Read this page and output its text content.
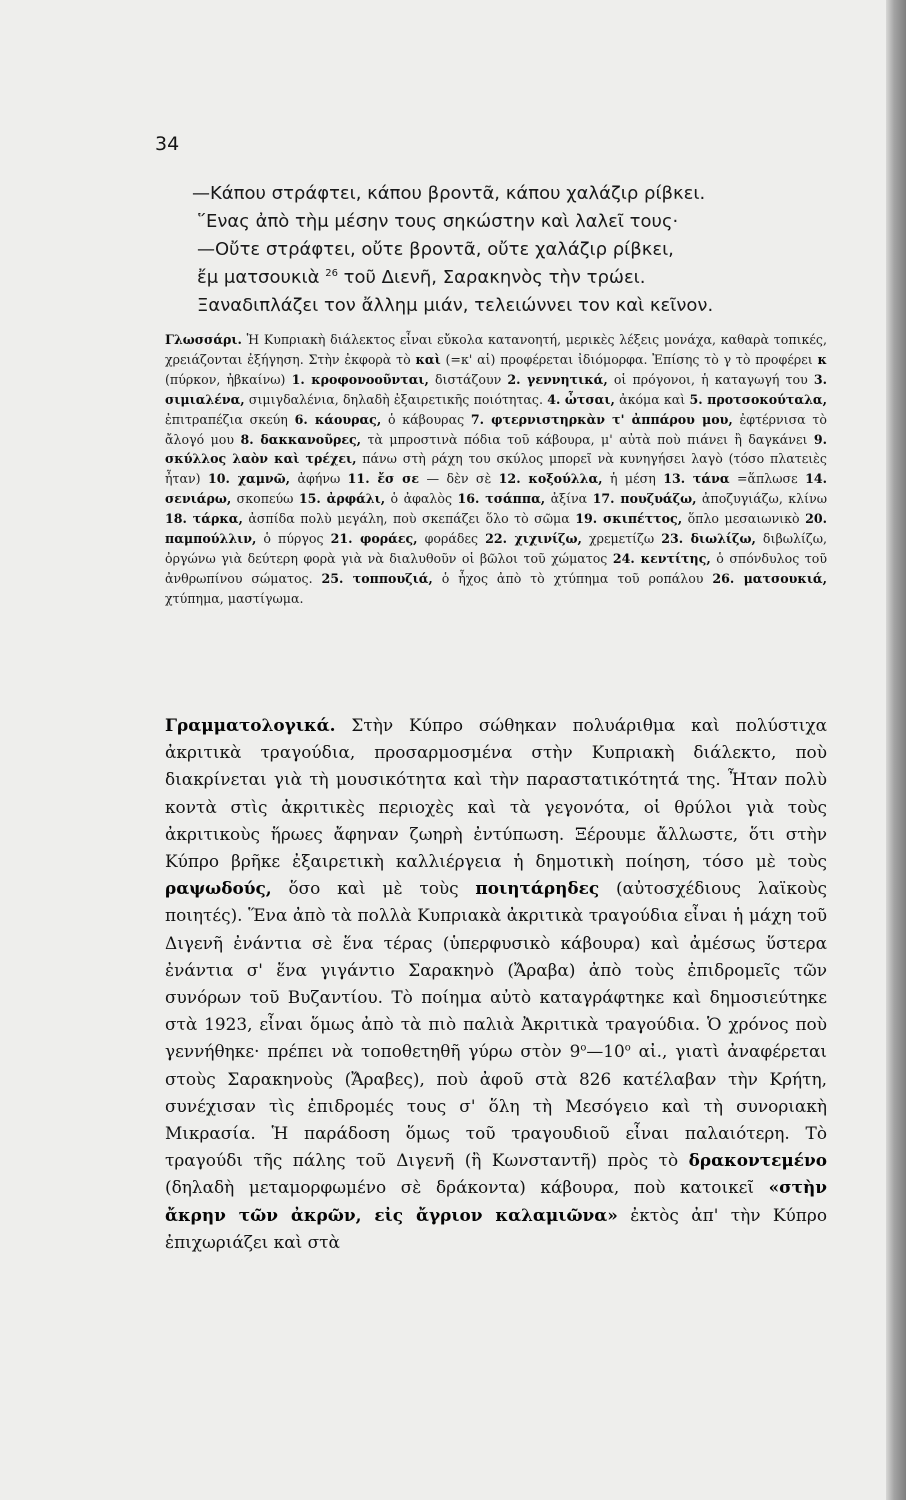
34
—Κάπου στράφτει, κάπου βροντᾶ, κάπου χαλάζιρ ρίβκει.
῞Ενας ἀπὸ τὴμ μέσην τους σηκώστην καὶ λαλεῖ τους·
—Οὔτε στράφτει, οὔτε βροντᾶ, οὔτε χαλάζιρ ρίβκει,
ἔμ ματσουκιὰ $^{26}$ τοῦ Διενῆ, Σαρακηνὸς τὴν τρώει.
Ξαναδιπλάζει τον ἄλλημ μιάν, τελειώννει τον καὶ κεῖνον.
Γλωσσάρι. Ἡ Κυπριακὴ διάλεκτος εἶναι εὔκολα κατανοητή, μερικὲς λέξεις μονάχα, καθαρὰ τοπικές, χρειάζονται ἐξήγηση. Στὴν ἐκφορὰ τὸ καὶ (=κ' αἱ) προφέρεται ἰδιόμορφα. Ἐπίσης τὸ γ τὸ προφέρει κ (πύρκον, ἠβκαίνω) 1. κροφονοοῦνται, διστάζουν 2. γεννητικά, οἱ πρόγονοι, ἡ καταγωγή του 3. σιμιαλένα, σιμιγδαλένια, δηλαδὴ ἐξαιρετικῆς ποιότητας. 4. ὦτσαι, ἀκόμα καὶ 5. προτσοκούταλα, ἐπιτραπέζια σκεύη 6. κάουρας, ὁ κάβουρας 7. φτερνιστηρκὰν τ' ἀππάρου μου, ἐφτέρνισα τὸ ἄλογό μου 8. δακκανοῦρες, τὰ μπροστινὰ πόδια τοῦ κάβουρα, μ' αὐτὰ ποὺ πιάνει ἢ δαγκάνει 9. σκύλλος λαὸν καὶ τρέχει, πάνω στὴ ράχη του σκύλος μπορεῖ νὰ κυνηγήσει λαγὸ (τόσο πλατειὲς ἦταν) 10. χαμνῶ, ἀφήνω 11. ἔσ σε — δὲν σὲ 12. κοξούλλα, ἡ μέση 13. τάνα =ἅπλωσε 14. σενιάρω, σκοπεύω 15. ἀρφάλι, ὁ ἀφαλὸς 16. τσάππα, ἀξίνα 17. πουζυάζω, ἀποζυγιάζω, κλίνω 18. τάρκα, ἀσπίδα πολὺ μεγάλη, ποὺ σκεπάζει ὅλο τὸ σῶμα 19. σκιπέττος, ὅπλο μεσαιωνικὸ 20. παμπούλλιν, ὁ πύργος 21. φοράες, φοράδες 22. χιχινίζω, χρεμετίζω 23. διωλίζω, διβωλίζω, ὀργώνω γιὰ δεύτερη φορὰ γιὰ νὰ διαλυθοῦν οἱ βῶλοι τοῦ χώματος 24. κεντίτης, ὁ σπόνδυλος τοῦ ἀνθρωπίνου σώματος. 25. τοππουζιά, ὁ ἦχος ἀπὸ τὸ χτύπημα τοῦ ροπάλου 26. ματσουκιά, χτύπημα, μαστίγωμα.
Γραμματολογικά. Στὴν Κύπρο σώθηκαν πολυάριθμα καὶ πολύστιχα ἀκριτικὰ τραγούδια, προσαρμοσμένα στὴν Κυπριακὴ διάλεκτο, ποὺ διακρίνεται γιὰ τὴ μουσικότητα καὶ τὴν παραστατικότητά της. Ἦταν πολὺ κοντὰ στὶς ἀκριτικὲς περιοχὲς καὶ τὰ γεγονότα, οἱ θρύλοι γιὰ τοὺς ἀκριτικοὺς ἥρωες ἄφηναν ζωηρὴ ἐντύπωση. Ξέρουμε ἄλλωστε, ὅτι στὴν Κύπρο βρῆκε ἐξαιρετικὴ καλλιέργεια ἡ δημοτικὴ ποίηση, τόσο μὲ τοὺς ραψωδούς, ὅσο καὶ μὲ τοὺς ποιητάρηδες (αὐτοσχέδιους λαϊκοὺς ποιητές). Ἕνα ἀπὸ τὰ πολλὰ Κυπριακὰ ἀκριτικὰ τραγούδια εἶναι ἡ μάχη τοῦ Διγενῆ ἐνάντια σὲ ἕνα τέρας (ὑπερφυσικὸ κάβουρα) καὶ ἀμέσως ὕστερα ἐνάντια σ' ἕνα γιγάντιο Σαρακηνὸ (Ἄραβα) ἀπὸ τοὺς ἐπιδρομεῖς τῶν συνόρων τοῦ Βυζαντίου. Τὸ ποίημα αὐτὸ καταγράφτηκε καὶ δημοσιεύτηκε στὰ 1923, εἶναι ὅμως ἀπὸ τὰ πιὸ παλιὰ Ἀκριτικὰ τραγούδια. Ὁ χρόνος ποὺ γεννήθηκε· πρέπει νὰ τοποθετηθῆ γύρω στὸν $9^o—10^o$ αἰ., γιατὶ ἀναφέρεται στοὺς Σαρακηνοὺς (Ἄραβες), ποὺ ἀφοῦ στὰ 826 κατέλαβαν τὴν Κρήτη, συνέχισαν τὶς ἐπιδρομές τους σ' ὅλη τὴ Μεσόγειο καὶ τὴ συνοριακὴ Μικρασία. Ἡ παράδοση ὅμως τοῦ τραγουδιοῦ εἶναι παλαιότερη. Τὸ τραγούδι τῆς πάλης τοῦ Διγενῆ (ἢ Κωνσταντῆ) πρὸς τὸ δρακοντεμένο (δηλαδὴ μεταμορφωμένο σὲ δράκοντα) κάβουρα, ποὺ κατοικεῖ «στὴν ἄκρην τῶν ἀκρῶν, εἰς ἄγριον καλαμιῶνα» ἐκτὸς ἀπ' τὴν Κύπρο ἐπιχωριάζει καὶ στὰ
